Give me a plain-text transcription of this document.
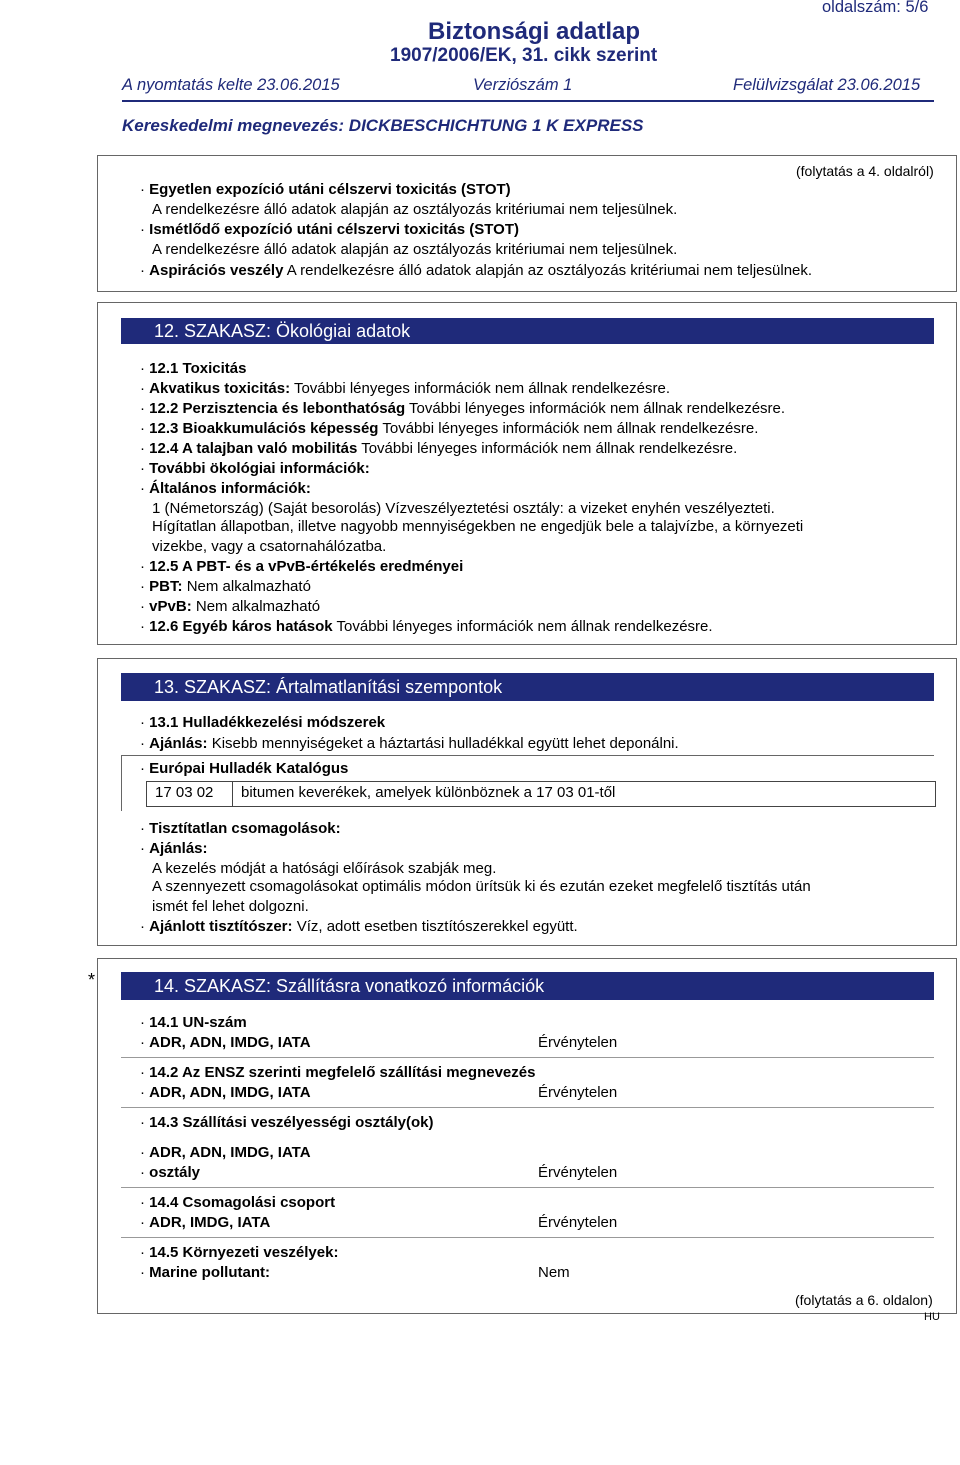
oldalszám: 5/6
Biztonsági adatlap
1907/2006/EK, 31. cikk szerint
A nyomtatás kelte 23.06.2015	Verziószám 1	Felülvizsgálat 23.06.2015
Kereskedelmi megnevezés: DICKBESCHICHTUNG 1 K EXPRESS
(folytatás a 4. oldalról)
· Egyetlen expozíció utáni célszervi toxicitás (STOT)
A rendelkezésre álló adatok alapján az osztályozás kritériumai nem teljesülnek.
· Ismétlődő expozíció utáni célszervi toxicitás (STOT)
A rendelkezésre álló adatok alapján az osztályozás kritériumai nem teljesülnek.
· Aspirációs veszély A rendelkezésre álló adatok alapján az osztályozás kritériumai nem teljesülnek.
12. SZAKASZ: Ökológiai adatok
· 12.1 Toxicitás
· Akvatikus toxicitás: További lényeges információk nem állnak rendelkezésre.
· 12.2 Perzisztencia és lebonthatóság További lényeges információk nem állnak rendelkezésre.
· 12.3 Bioakkumulációs képesség További lényeges információk nem állnak rendelkezésre.
· 12.4 A talajban való mobilitás További lényeges információk nem állnak rendelkezésre.
· További ökológiai információk:
· Általános információk:
1 (Németország) (Saját besorolás) Vízveszélyeztetési osztály: a vizeket enyhén veszélyezteti.
Hígítatlan állapotban, illetve nagyobb mennyiségekben ne engedjük bele a talajvízbe, a környezeti
vizekbe, vagy a csatornahálózatba.
· 12.5 A PBT- és a vPvB-értékelés eredményei
· PBT: Nem alkalmazható
· vPvB: Nem alkalmazható
· 12.6 Egyéb káros hatások További lényeges információk nem állnak rendelkezésre.
13. SZAKASZ: Ártalmatlanítási szempontok
· 13.1 Hulladékkezelési módszerek
· Ajánlás: Kisebb mennyiségeket a háztartási hulladékkal együtt lehet deponálni.
· Európai Hulladék Katalógus
17 03 02	bitumen keverékek, amelyek különböznek a 17 03 01-től
· Tisztítatlan csomagolások:
· Ajánlás:
A kezelés módját a hatósági előírások szabják meg.
A szennyezett csomagolásokat optimális módon ürítsük ki és ezután ezeket megfelelő tisztítás után
ismét fel lehet dolgozni.
· Ajánlott tisztítószer: Víz, adott esetben tisztítószerekkel együtt.
*	14. SZAKASZ: Szállításra vonatkozó információk
· 14.1 UN-szám
· ADR, ADN, IMDG, IATA	Érvénytelen
· 14.2 Az ENSZ szerinti megfelelő szállítási megnevezés
· ADR, ADN, IMDG, IATA	Érvénytelen
· 14.3 Szállítási veszélyességi osztály(ok)
· ADR, ADN, IMDG, IATA
· osztály	Érvénytelen
· 14.4 Csomagolási csoport
· ADR, IMDG, IATA	Érvénytelen
· 14.5 Környezeti veszélyek:
· Marine pollutant:	Nem
(folytatás a 6. oldalon)
HU
